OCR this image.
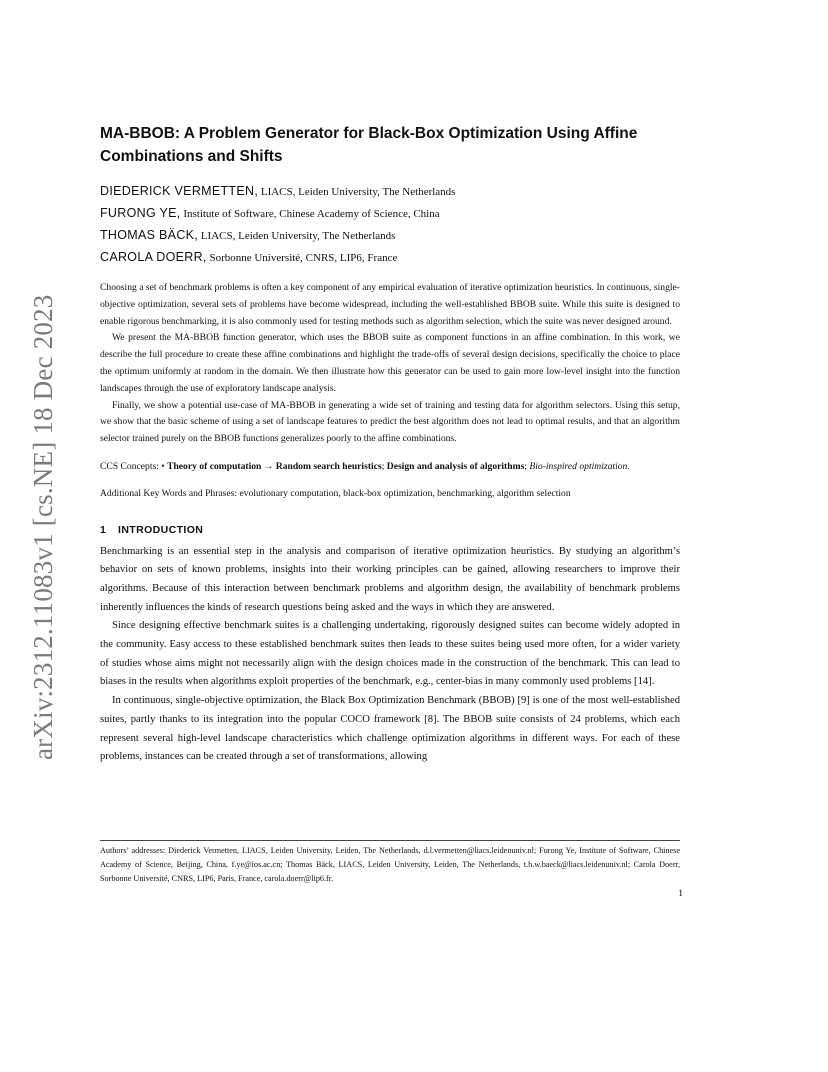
arXiv:2312.11083v1 [cs.NE] 18 Dec 2023
MA-BBOB: A Problem Generator for Black-Box Optimization Using Affine Combinations and Shifts
DIEDERICK VERMETTEN, LIACS, Leiden University, The Netherlands
FURONG YE, Institute of Software, Chinese Academy of Science, China
THOMAS BÄCK, LIACS, Leiden University, The Netherlands
CAROLA DOERR, Sorbonne Université, CNRS, LIP6, France

Choosing a set of benchmark problems is often a key component of any empirical evaluation of iterative optimization heuristics. In continuous, single-objective optimization, several sets of problems have become widespread, including the well-established BBOB suite. While this suite is designed to enable rigorous benchmarking, it is also commonly used for testing methods such as algorithm selection, which the suite was never designed around.

We present the MA-BBOB function generator, which uses the BBOB suite as component functions in an affine combination. In this work, we describe the full procedure to create these affine combinations and highlight the trade-offs of several design decisions, specifically the choice to place the optimum uniformly at random in the domain. We then illustrate how this generator can be used to gain more low-level insight into the function landscapes through the use of exploratory landscape analysis.

Finally, we show a potential use-case of MA-BBOB in generating a wide set of training and testing data for algorithm selectors. Using this setup, we show that the basic scheme of using a set of landscape features to predict the best algorithm does not lead to optimal results, and that an algorithm selector trained purely on the BBOB functions generalizes poorly to the affine combinations.

CCS Concepts: • Theory of computation → Random search heuristics; Design and analysis of algorithms; Bio-inspired optimization.

Additional Key Words and Phrases: evolutionary computation, black-box optimization, benchmarking, algorithm selection

1 INTRODUCTION

Benchmarking is an essential step in the analysis and comparison of iterative optimization heuristics. By studying an algorithm’s behavior on sets of known problems, insights into their working principles can be gained, allowing researchers to improve their algorithms. Because of this interaction between benchmark problems and algorithm design, the availability of benchmark problems inherently influences the kinds of research questions being asked and the ways in which they are answered.

Since designing effective benchmark suites is a challenging undertaking, rigorously designed suites can become widely adopted in the community. Easy access to these established benchmark suites then leads to these suites being used more often, for a wider variety of studies whose aims might not necessarily align with the design choices made in the construction of the benchmark. This can lead to biases in the results when algorithms exploit properties of the benchmark, e.g., center-bias in many commonly used problems [14].

In continuous, single-objective optimization, the Black Box Optimization Benchmark (BBOB) [9] is one of the most well-established suites, partly thanks to its integration into the popular COCO framework [8]. The BBOB suite consists of 24 problems, which each represent several high-level landscape characteristics which challenge optimization algorithms in different ways. For each of these problems, instances can be created through a set of transformations, allowing

Authors’ addresses: Diederick Vermetten, LIACS, Leiden University, Leiden, The Netherlands, d.l.vermetten@liacs.leidenuniv.nl; Furong Ye, Institute of Software, Chinese Academy of Science, Beijing, China, f.ye@ios.ac.cn; Thomas Bäck, LIACS, Leiden University, Leiden, The Netherlands, t.h.w.baeck@liacs.leidenuniv.nl; Carola Doerr, Sorbonne Université, CNRS, LIP6, Paris, France, carola.doerr@lip6.fr.
1
